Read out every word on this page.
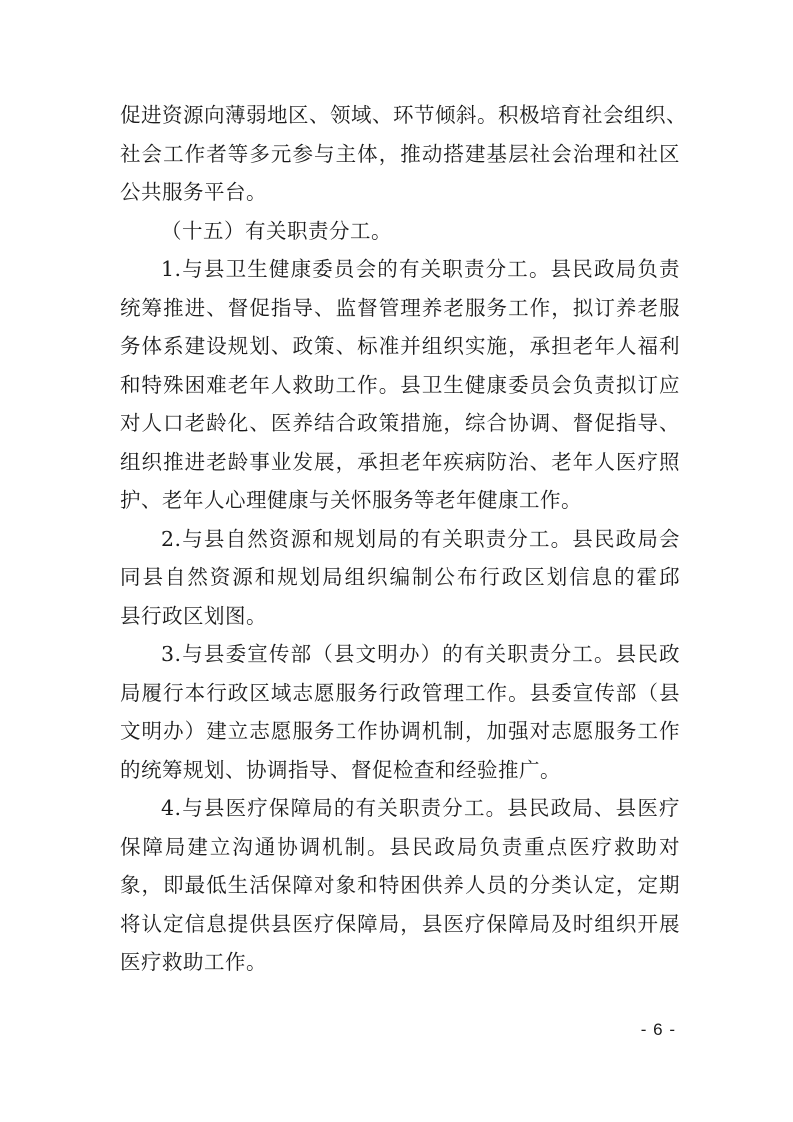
促进资源向薄弱地区、领域、环节倾斜。积极培育社会组织、
社会工作者等多元参与主体，推动搭建基层社会治理和社区
公共服务平台。
（十五）有关职责分工。
1.与县卫生健康委员会的有关职责分工。县民政局负责
统筹推进、督促指导、监督管理养老服务工作，拟订养老服
务体系建设规划、政策、标准并组织实施，承担老年人福利
和特殊困难老年人救助工作。县卫生健康委员会负责拟订应
对人口老龄化、医养结合政策措施，综合协调、督促指导、
组织推进老龄事业发展，承担老年疾病防治、老年人医疗照
护、老年人心理健康与关怀服务等老年健康工作。
2.与县自然资源和规划局的有关职责分工。县民政局会
同县自然资源和规划局组织编制公布行政区划信息的霍邱
县行政区划图。
3.与县委宣传部（县文明办）的有关职责分工。县民政
局履行本行政区域志愿服务行政管理工作。县委宣传部（县
文明办）建立志愿服务工作协调机制，加强对志愿服务工作
的统筹规划、协调指导、督促检查和经验推广。
4.与县医疗保障局的有关职责分工。县民政局、县医疗
保障局建立沟通协调机制。县民政局负责重点医疗救助对
象，即最低生活保障对象和特困供养人员的分类认定，定期
将认定信息提供县医疗保障局，县医疗保障局及时组织开展
医疗救助工作。
- 6 -
